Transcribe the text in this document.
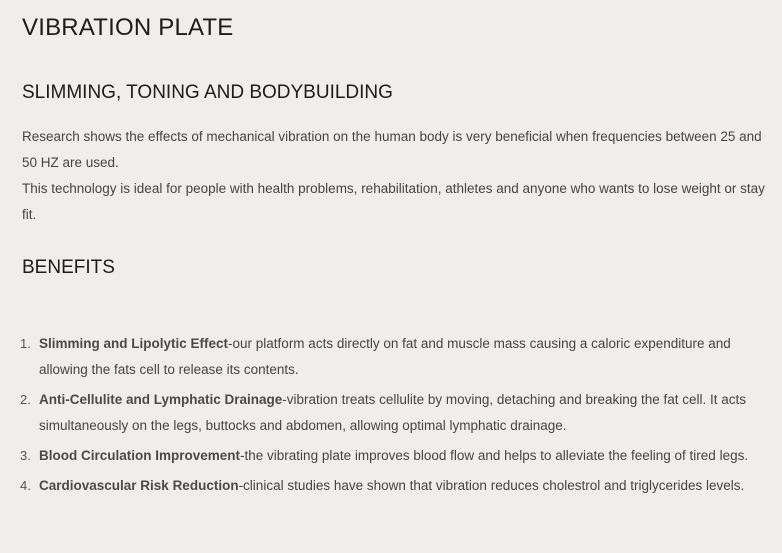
VIBRATION PLATE
SLIMMING, TONING AND BODYBUILDING

Research shows the effects of mechanical vibration on the human body is very beneficial when frequencies between 25 and 50 HZ are used.
This technology is ideal for people with health problems, rehabilitation, athletes and anyone who wants to lose weight or stay fit.

BENEFITS
1. Slimming and Lipolytic Effect-our platform acts directly on fat and muscle mass causing a caloric expenditure and allowing the fats cell to release its contents.
2. Anti-Cellulite and Lymphatic Drainage-vibration treats cellulite by moving, detaching and breaking the fat cell. It acts simultaneously on the legs, buttocks and abdomen, allowing optimal lymphatic drainage.
3. Blood Circulation Improvement-the vibrating plate improves blood flow and helps to alleviate the feeling of tired legs.
4. Cardiovascular Risk Reduction-clinical studies have shown that vibration reduces cholestrol and triglycerides levels.
